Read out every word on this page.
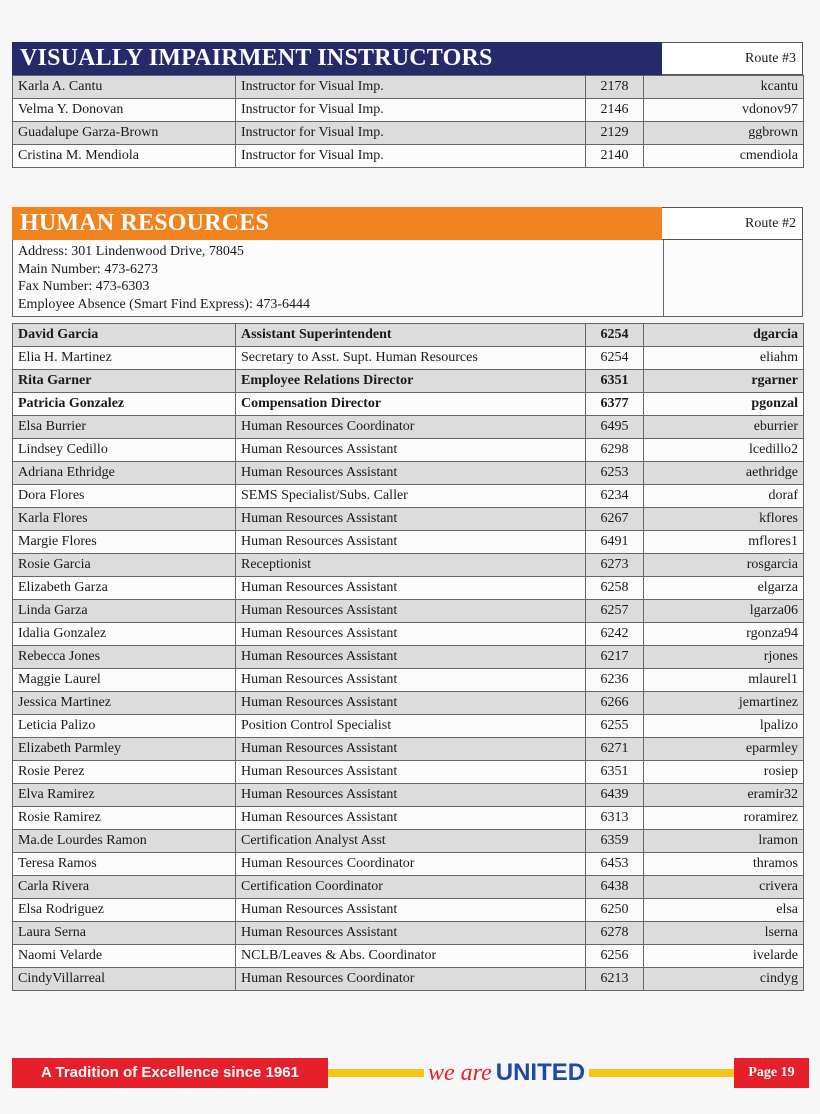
VISUALLY IMPAIRMENT INSTRUCTORS	Route #3
Karla A. Cantu	Instructor for Visual Imp.	2178	kcantu
Velma Y. Donovan	Instructor for Visual Imp.	2146	vdonov97
Guadalupe Garza-Brown	Instructor for Visual Imp.	2129	ggbrown
Cristina M. Mendiola	Instructor for Visual Imp.	2140	cmendiola
HUMAN RESOURCES	Route #2
Address: 301 Lindenwood Drive, 78045
Main Number: 473-6273
Fax Number: 473-6303
Employee Absence (Smart Find Express): 473-6444
David Garcia	Assistant Superintendent	6254	dgarcia
Elia H. Martinez	Secretary to Asst. Supt. Human Resources	6254	eliahm
Rita Garner	Employee Relations Director	6351	rgarner
Patricia Gonzalez	Compensation Director	6377	pgonzal
Elsa Burrier	Human Resources Coordinator	6495	eburrier
Lindsey Cedillo	Human Resources Assistant	6298	lcedillo2
Adriana Ethridge	Human Resources Assistant	6253	aethridge
Dora Flores	SEMS Specialist/Subs. Caller	6234	doraf
Karla Flores	Human Resources Assistant	6267	kflores
Margie Flores	Human Resources Assistant	6491	mflores1
Rosie Garcia	Receptionist	6273	rosgarcia
Elizabeth Garza	Human Resources Assistant	6258	elgarza
Linda Garza	Human Resources Assistant	6257	lgarza06
Idalia Gonzalez	Human Resources Assistant	6242	rgonza94
Rebecca Jones	Human Resources Assistant	6217	rjones
Maggie Laurel	Human Resources Assistant	6236	mlaurel1
Jessica Martinez	Human Resources Assistant	6266	jemartinez
Leticia Palizo	Position Control Specialist	6255	lpalizo
Elizabeth Parmley	Human Resources Assistant	6271	eparmley
Rosie Perez	Human Resources Assistant	6351	rosiep
Elva Ramirez	Human Resources Assistant	6439	eramir32
Rosie Ramirez	Human Resources Assistant	6313	roramirez
Ma.de Lourdes Ramon	Certification Analyst Asst	6359	lramon
Teresa Ramos	Human Resources Coordinator	6453	thramos
Carla Rivera	Certification Coordinator	6438	crivera
Elsa Rodriguez	Human Resources Assistant	6250	elsa
Laura Serna	Human Resources Assistant	6278	lserna
Naomi Velarde	NCLB/Leaves & Abs. Coordinator	6256	ivelarde
CindyVillarreal	Human Resources Coordinator	6213	cindyg
A Tradition of Excellence since 1961	we are UNITED	Page 19
